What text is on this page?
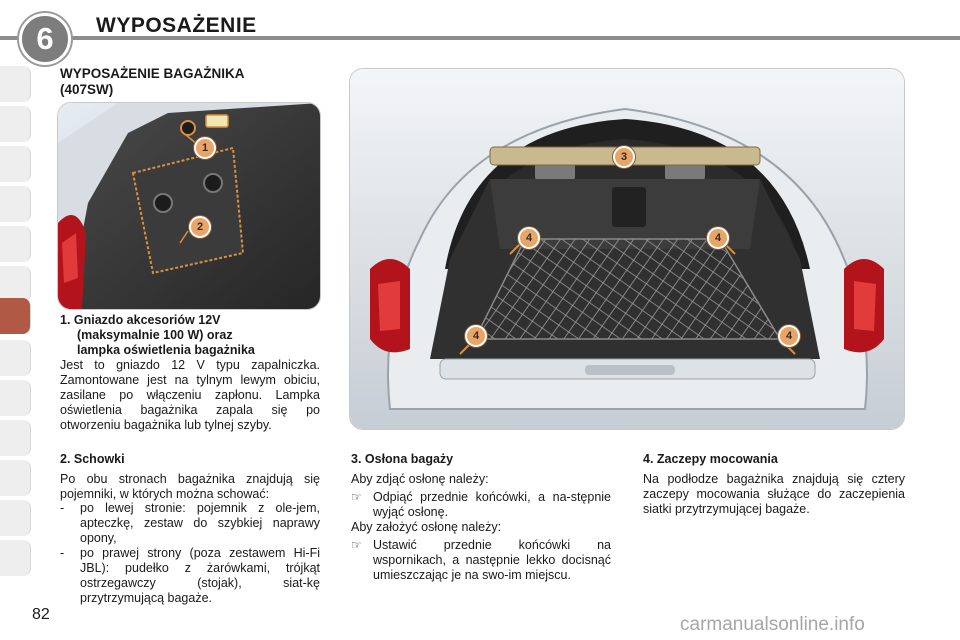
6	WYPOSAŻENIE
WYPOSAŻENIE BAGAŻNIKA
(407SW)
1
2
3
4	4
4	4
1. Gniazdo akcesoriów 12V
(maksymalnie 100 W) oraz
lampka oświetlenia bagażnika
Jest to gniazdo 12 V typu zapalniczka. Zamontowane jest na tylnym lewym obiciu, zasilane po włączeniu zapłonu. Lampka oświetlenia bagażnika zapala się po otworzeniu bagażnika lub tylnej szyby.
2. Schowki
Po obu stronach bagażnika znajdują się pojemniki, w których można schować:
-	po lewej stronie: pojemnik z ole-jem, apteczkę, zestaw do szybkiej naprawy opony,
-	po prawej strony (poza zestawem Hi-Fi JBL): pudełko z żarówkami, trójkąt ostrzegawczy (stojak), siat-kę przytrzymującą bagaże.
3. Osłona bagaży
Aby zdjąć osłonę należy:
☞ Odpiąć przednie końcówki, a na-stępnie wyjąć osłonę.
Aby założyć osłonę należy:
☞ Ustawić przednie końcówki na wspornikach, a następnie lekko docisnąć umieszczając je na swo-im miejscu.
4. Zaczepy mocowania
Na podłodze bagażnika znajdują się cztery zaczepy mocowania służące do zaczepienia siatki przytrzymującej bagaże.
82	carmanualsonline.info
